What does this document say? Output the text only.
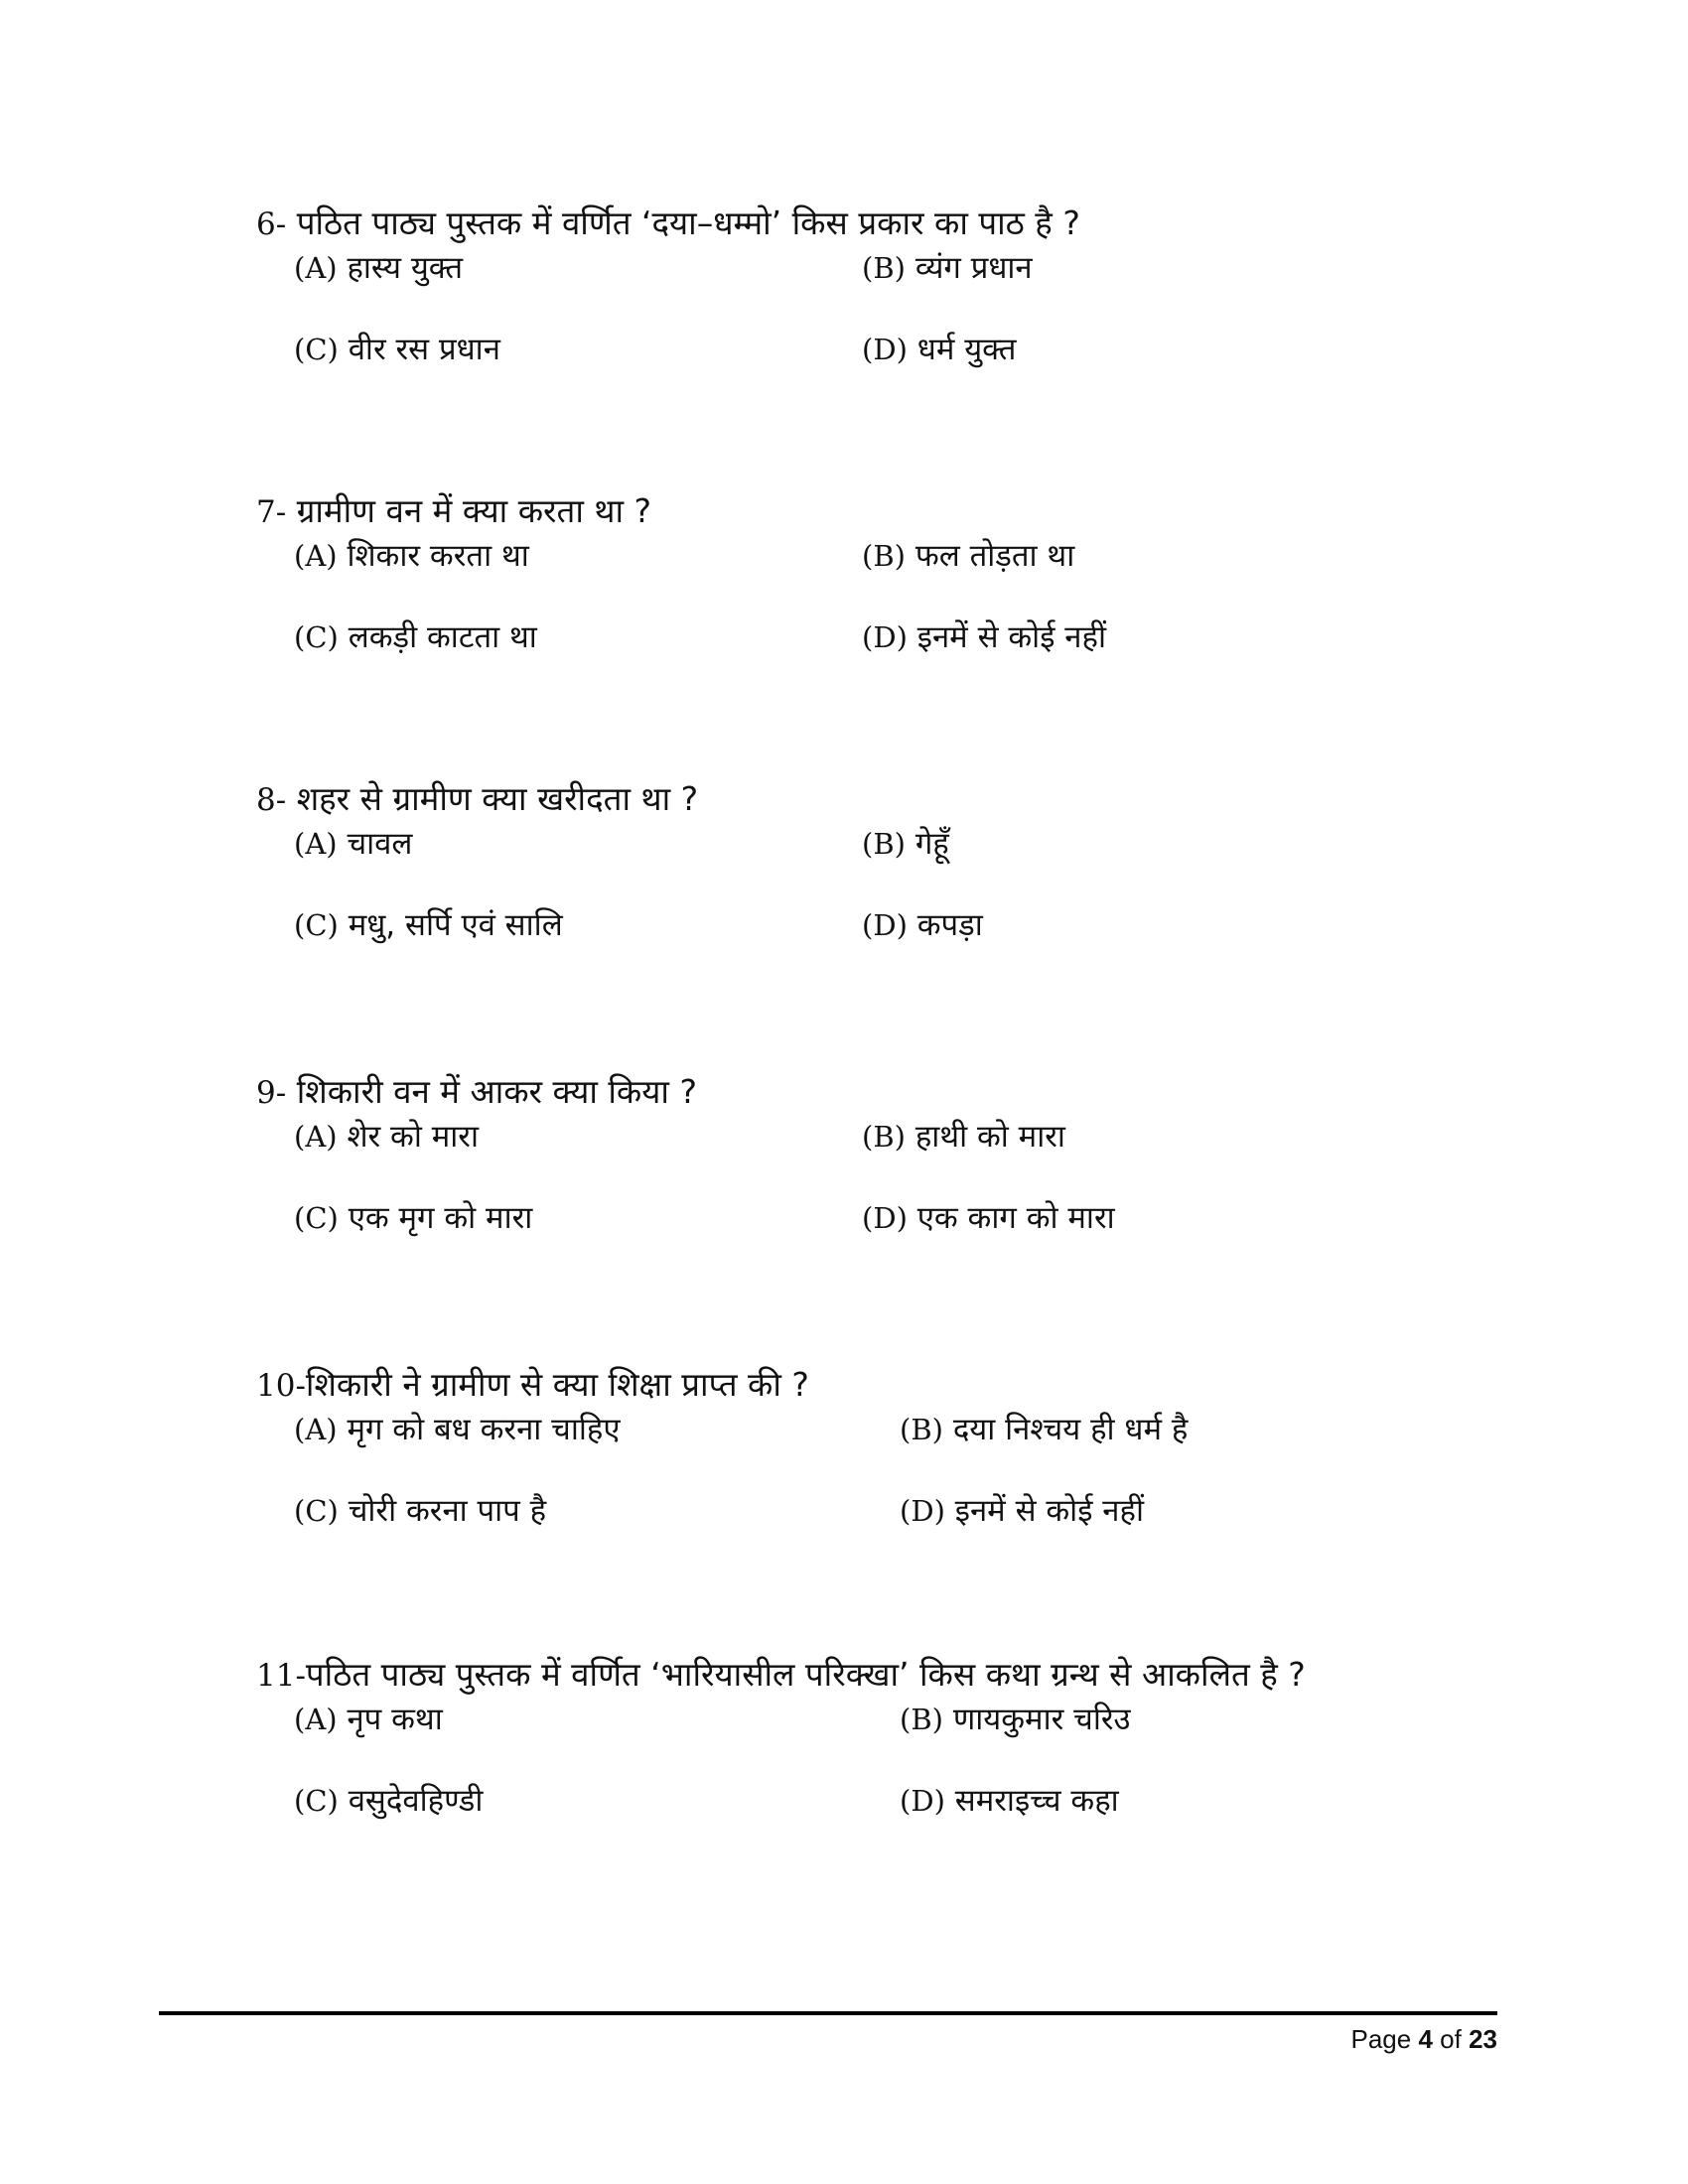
6- पठित पाठ्य पुस्तक में वर्णित ‘दया–धम्मो’ किस प्रकार का पाठ है ?
(A) हास्य युक्त	(B) व्यंग प्रधान
(C) वीर रस प्रधान	(D) धर्म युक्त
7- ग्रामीण वन में क्या करता था ?
(A) शिकार करता था	(B) फल तोड़ता था
(C) लकड़ी काटता था	(D) इनमें से कोई नहीं
8- शहर से ग्रामीण क्या खरीदता था ?
(A) चावल	(B) गेहूँ
(C) मधु, सर्पि एवं सालि	(D) कपड़ा
9- शिकारी वन में आकर क्या किया ?
(A) शेर को मारा	(B) हाथी को मारा
(C) एक मृग को मारा	(D) एक काग को मारा
10-शिकारी ने ग्रामीण से क्या शिक्षा प्राप्त की ?
(A) मृग को बध करना चाहिए	(B) दया निश्चय ही धर्म है
(C) चोरी करना पाप है	(D) इनमें से कोई नहीं
11-पठित पाठ्य पुस्तक में वर्णित ‘भारियासील परिक्खा’ किस कथा ग्रन्थ से आकलित है ?
(A) नृप कथा	(B) णायकुमार चरिउ
(C) वसुदेवहिण्डी	(D) समराइच्च कहा
Page 4 of 23
